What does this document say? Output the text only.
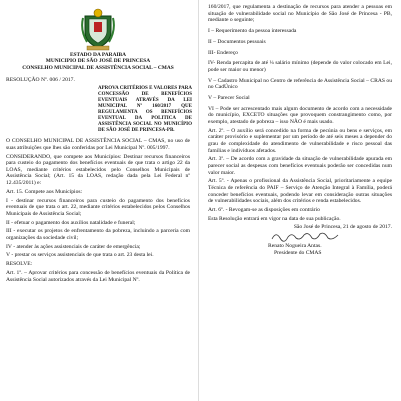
ESTADO DA PARAIBA
MUNICIPIO DE SÃO JOSÉ DE PRINCESA
CONSELHO MUNICIPAL DE ASSISTÊNCIA SOCIAL – CMAS
RESOLUÇÃO Nº. 006 / 2017.
APROVA CRITÉRIOS E VALORES PARA CONCESSÃO DE BENEFÍCIOS EVENTUAIS ATRAVÉS DA LEI MUNICIPAL Nº 160/2017 QUE REGULAMENTA OS BENEFÍCIOS EVENTUAL DA POLITICA DE ASSISTÊNCIA SOCIAL NO MUNICÍPIO DE SÃO JOSÉ DE PRINCESA-PB.

O CONSELHO MUNICIPAL DE ASSISTÊNCIA SOCIAL – CMAS, no uso de suas atribuições que lhes são conferidas por Lei Municipal Nº. 005/1997.

CONSIDERANDO, que compete aos Municípios: Destinar recursos financeiros para custeio do pagamento dos benefícios eventuais de que trata o artigo 22 da LOAS, mediante critérios estabelecidos pelo Conselhos Municipais de Assistência Social; (Art. 15 da LOAS, redação dada pela Lei Federal nº 12.435/2011) e:

Art. 15. Compete aos Municípios:

I - destinar recursos financeiros para custeio do pagamento dos benefícios eventuais de que trata o art. 22, mediante critérios estabelecidos pelos Conselhos Municipais de Assistência Social;

II - efetuar o pagamento dos auxílios natalidade e funeral;

III - executar os projetos de enfrentamento da pobreza, incluindo a parceria com organizações da sociedade civil;

IV - atender às ações assistenciais de caráter de emergência;

V - prestar os serviços assistenciais de que trata o art. 23 desta lei.

RESOLVE:

Art. 1º. – Aprovar critérios para concessão de benefícios eventuais da Política de Assistência Social autorizados através da Lei Municipal Nº.

160/2017, que regulamenta a destinação de recursos para atender a pessoas em situação de vulnerabilidade social no Município de São José de Princesa - PB, mediante o seguinte;

I – Requerimento da pessoa interessada

II – Documentos pessoais

III- Endereço

IV- Renda percapita de até ¼ salário mínimo (depende do valor colocado em Lei, pode ser maior ou menor)

V – Cadastro Municipal no Centro de referência de Assistência Social – CRAS ou no CadÚnico

V – Parecer Social

VI – Pode ser acrescentado mais algum documento de acordo com a necessidade do município, EXCETO situações que provoquem constrangimento como, por exemplo, atestado de pobreza – isso NÃO é mais usado.

Art. 2º. – O auxílio será concedido na forma de pecúnia ou bens e serviços, em caráter provisório e suplementar por um período de até seis meses a depender do grau de complexidade do atendimento de vulnerabilidade e risco pessoal das famílias e indivíduos afetados.

Art. 3º. – De acordo com a gravidade da situação de vulnerabilidade apurada em parecer social as despesas com benefícios eventuais poderão ser concedidas num valor maior.

Art. 5º. - Apenas o profissional da Assistência Social, prioritariamente a equipe Técnica de referência do PAIF – Serviço de Atenção Integral à Família, poderá conceder benefícios eventuais, podendo levar em consideração outras situações de vulnerabilidades sociais, além dos critérios e renda estabelecidos.

Art. 6º. - Revogam-se as disposições em contrário

Esta Resolução entrará em vigor na data de sua publicação.

São José de Princesa, 21 de agosto de 2017.

Renato Nogueira Antas.
Presidente do CMAS
